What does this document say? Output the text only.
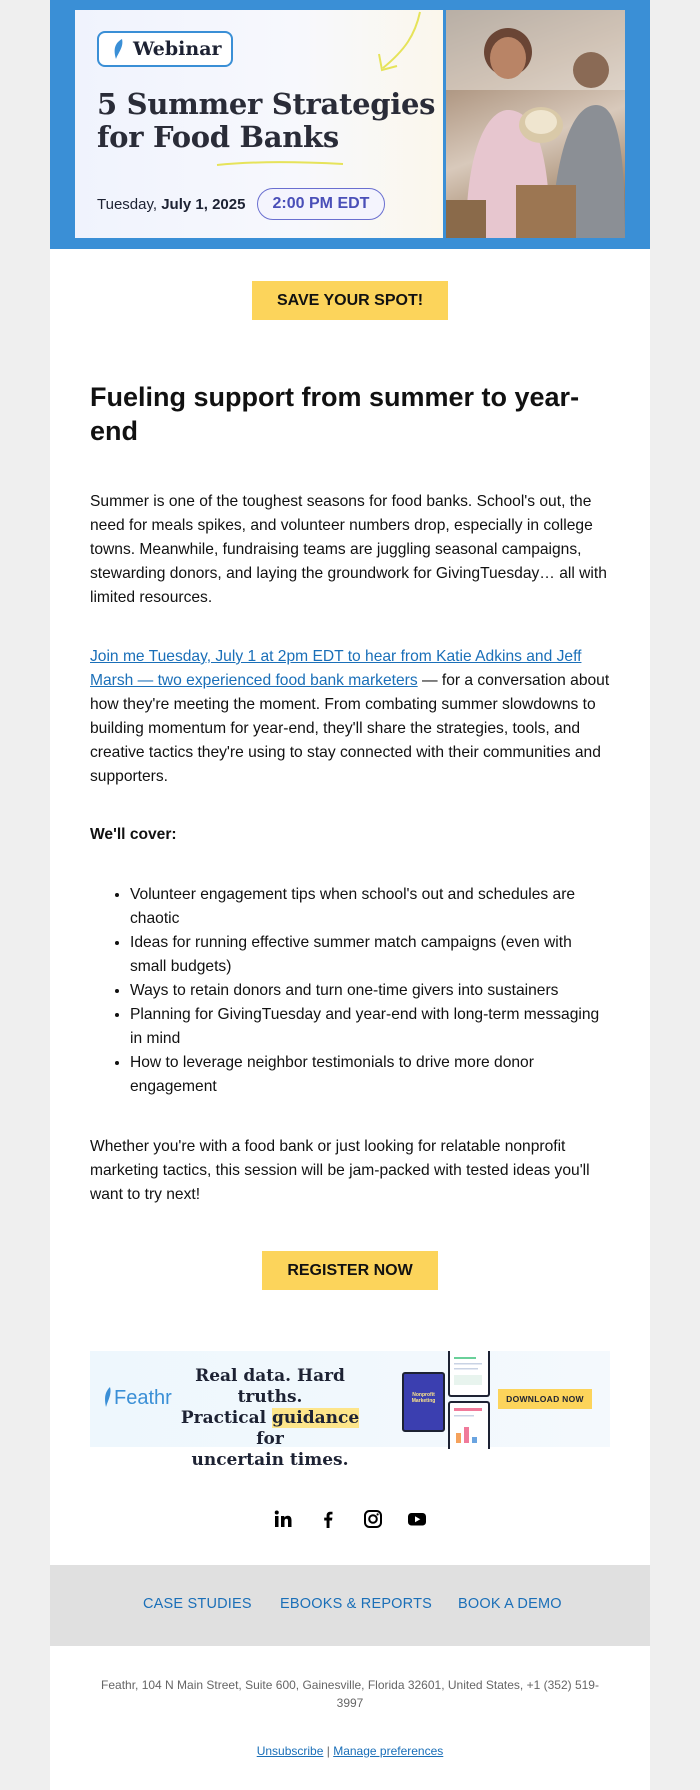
Webinar
5 Summer Strategies
for Food Banks
Tuesday, July 1, 2025	2:00 PM EDT
SAVE YOUR SPOT!
Fueling support from summer to year-end

Summer is one of the toughest seasons for food banks. School's out, the need for meals spikes, and volunteer numbers drop, especially in college towns. Meanwhile, fundraising teams are juggling seasonal campaigns, stewarding donors, and laying the groundwork for GivingTuesday… all with limited resources.

Join me Tuesday, July 1 at 2pm EDT to hear from Katie Adkins and Jeff Marsh — two experienced food bank marketers — for a conversation about how they're meeting the moment. From combating summer slowdowns to building momentum for year-end, they'll share the strategies, tools, and creative tactics they're using to stay connected with their communities and supporters.

We'll cover:

• Volunteer engagement tips when school's out and schedules are chaotic
• Ideas for running effective summer match campaigns (even with small budgets)
• Ways to retain donors and turn one-time givers into sustainers
• Planning for GivingTuesday and year-end with long-term messaging in mind
• How to leverage neighbor testimonials to drive more donor engagement

Whether you're with a food bank or just looking for relatable nonprofit marketing tactics, this session will be jam-packed with tested ideas you'll want to try next!

REGISTER NOW
Feathr
Real data. Hard truths.
Practical guidance for
uncertain times.
Nonprofit Marketing	DOWNLOAD NOW
CASE STUDIES EBOOKS & REPORTS BOOK A DEMO
Feathr, 104 N Main Street, Suite 600, Gainesville, Florida 32601, United States, +1 (352) 519-3997
Unsubscribe | Manage preferences
